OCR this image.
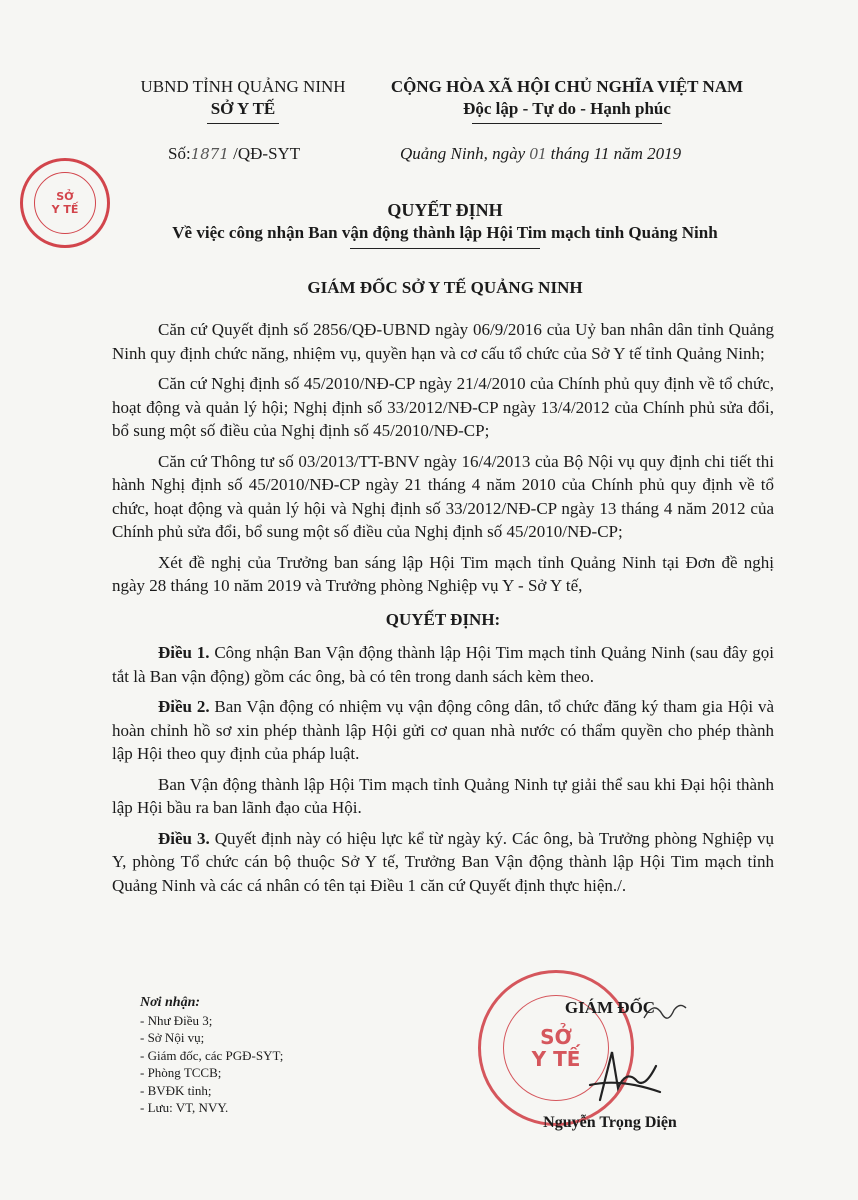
UBND TỈNH QUẢNG NINH
SỞ Y TẾ
CỘNG HÒA XÃ HỘI CHỦ NGHĨA VIỆT NAM
Độc lập - Tự do - Hạnh phúc
Số:1871 /QĐ-SYT	Quảng Ninh, ngày 01 tháng 11 năm 2019
SỞ
Y TẾ	QUYẾT ĐỊNH
Về việc công nhận Ban vận động thành lập Hội Tim mạch tỉnh Quảng Ninh
GIÁM ĐỐC SỞ Y TẾ QUẢNG NINH

Căn cứ Quyết định số 2856/QĐ-UBND ngày 06/9/2016 của Uỷ ban nhân dân tỉnh Quảng Ninh quy định chức năng, nhiệm vụ, quyền hạn và cơ cấu tổ chức của Sở Y tế tỉnh Quảng Ninh;

Căn cứ Nghị định số 45/2010/NĐ-CP ngày 21/4/2010 của Chính phủ quy định về tổ chức, hoạt động và quản lý hội; Nghị định số 33/2012/NĐ-CP ngày 13/4/2012 của Chính phủ sửa đổi, bổ sung một số điều của Nghị định số 45/2010/NĐ-CP;

Căn cứ Thông tư số 03/2013/TT-BNV ngày 16/4/2013 của Bộ Nội vụ quy định chi tiết thi hành Nghị định số 45/2010/NĐ-CP ngày 21 tháng 4 năm 2010 của Chính phủ quy định về tổ chức, hoạt động và quản lý hội và Nghị định số 33/2012/NĐ-CP ngày 13 tháng 4 năm 2012 của Chính phủ sửa đổi, bổ sung một số điều của Nghị định số 45/2010/NĐ-CP;

Xét đề nghị của Trưởng ban sáng lập Hội Tim mạch tỉnh Quảng Ninh tại Đơn đề nghị ngày 28 tháng 10 năm 2019 và Trưởng phòng Nghiệp vụ Y - Sở Y tế,

QUYẾT ĐỊNH:

Điều 1. Công nhận Ban Vận động thành lập Hội Tim mạch tỉnh Quảng Ninh (sau đây gọi tắt là Ban vận động) gồm các ông, bà có tên trong danh sách kèm theo.

Điều 2. Ban Vận động có nhiệm vụ vận động công dân, tổ chức đăng ký tham gia Hội và hoàn chỉnh hồ sơ xin phép thành lập Hội gửi cơ quan nhà nước có thẩm quyền cho phép thành lập Hội theo quy định của pháp luật.

Ban Vận động thành lập Hội Tim mạch tỉnh Quảng Ninh tự giải thể sau khi Đại hội thành lập Hội bầu ra ban lãnh đạo của Hội.

Điều 3. Quyết định này có hiệu lực kể từ ngày ký. Các ông, bà Trưởng phòng Nghiệp vụ Y, phòng Tổ chức cán bộ thuộc Sở Y tế, Trưởng Ban Vận động thành lập Hội Tim mạch tỉnh Quảng Ninh và các cá nhân có tên tại Điều 1 căn cứ Quyết định thực hiện./.

Nơi nhận:
- Như Điều 3;
- Sở Nội vụ;
- Giám đốc, các PGĐ-SYT;
- Phòng TCCB;
- BVĐK tỉnh;
- Lưu: VT, NVY.
SỞ
Y TẾ
GIÁM ĐỐC
Nguyễn Trọng Diện
